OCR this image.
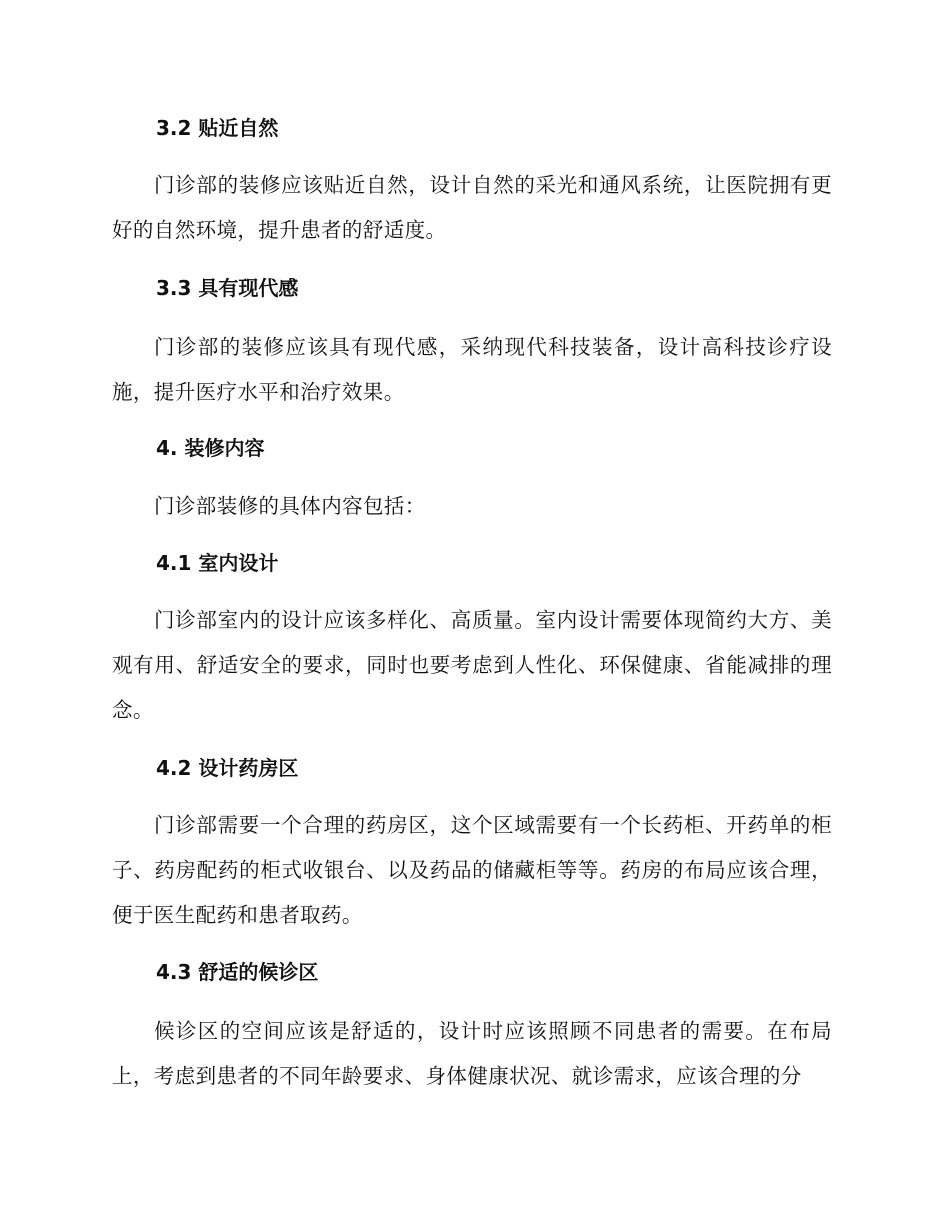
3.2 贴近自然

门诊部的装修应该贴近自然，设计自然的采光和通风系统，让医院拥有更好的自然环境，提升患者的舒适度。

3.3 具有现代感

门诊部的装修应该具有现代感，采纳现代科技装备，设计高科技诊疗设施，提升医疗水平和治疗效果。

4. 装修内容

门诊部装修的具体内容包括：

4.1 室内设计

门诊部室内的设计应该多样化、高质量。室内设计需要体现简约大方、美观有用、舒适安全的要求，同时也要考虑到人性化、环保健康、省能减排的理念。

4.2 设计药房区

门诊部需要一个合理的药房区，这个区域需要有一个长药柜、开药单的柜子、药房配药的柜式收银台、以及药品的储藏柜等等。药房的布局应该合理，便于医生配药和患者取药。

4.3 舒适的候诊区

候诊区的空间应该是舒适的，设计时应该照顾不同患者的需要。在布局上，考虑到患者的不同年龄要求、身体健康状况、就诊需求，应该合理的分
